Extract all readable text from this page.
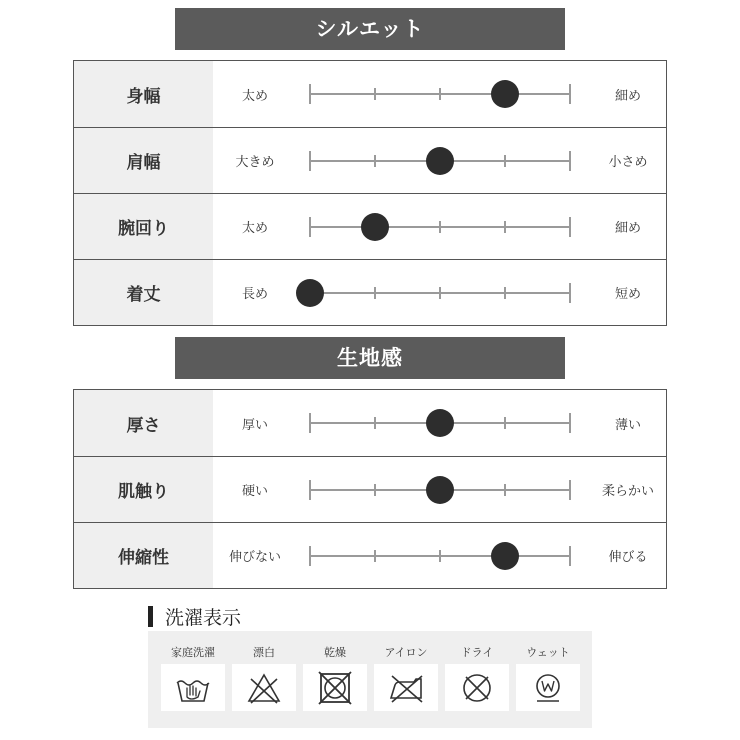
シルエット
身幅	太め	細め
肩幅	大きめ	小さめ
腕回り	太め	細め
着丈	長め	短め
生地感
厚さ	厚い	薄い
肌触り	硬い	柔らかい
伸縮性	伸びない	伸びる
洗濯表示
家庭洗濯	漂白	乾燥	アイロン	ドライ	ウェット
